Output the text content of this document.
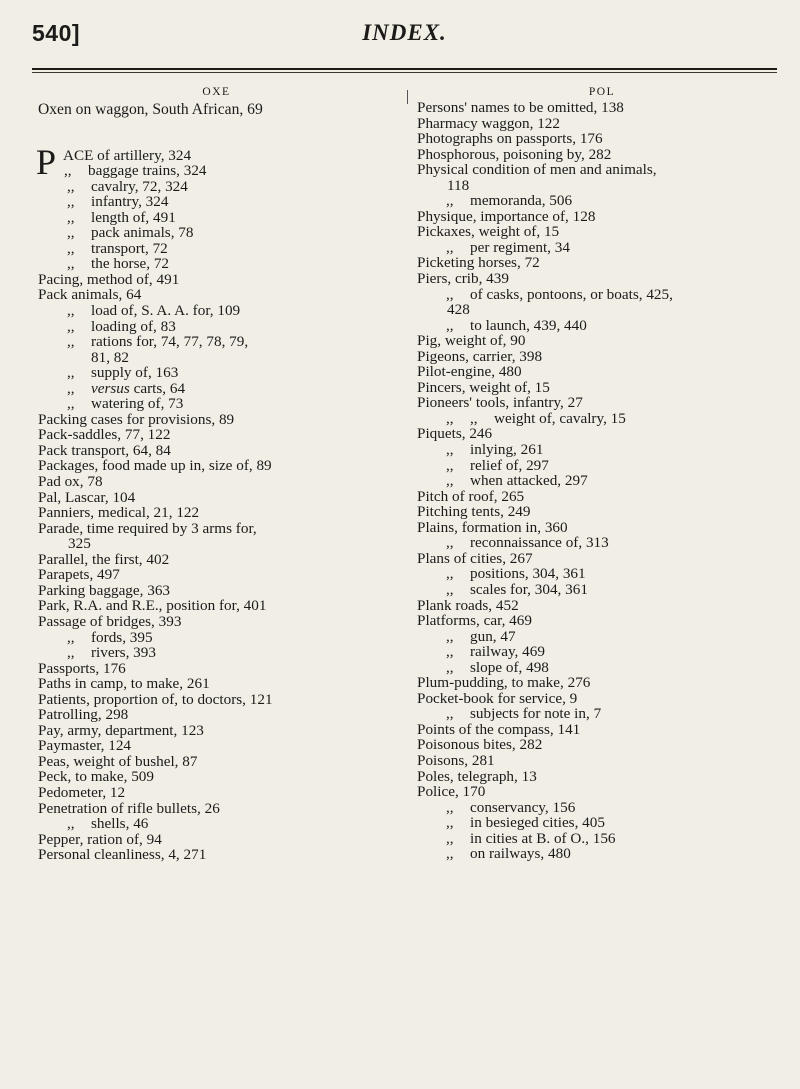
540]	INDEX.
OXE
Oxen on waggon, South African, 69
P ACE of artillery, 324
,, baggage trains, 324
,, cavalry, 72, 324
,, infantry, 324
,, length of, 491
,, pack animals, 78
,, transport, 72
,, the horse, 72
Pacing, method of, 491
Pack animals, 64
,, load of, S. A. A. for, 109
,, loading of, 83
,, rations for, 74, 77, 78, 79,
81, 82
,, supply of, 163
,, versus carts, 64
,, watering of, 73
Packing cases for provisions, 89
Pack-saddles, 77, 122
Pack transport, 64, 84
Packages, food made up in, size of, 89
Pad ox, 78
Pal, Lascar, 104
Panniers, medical, 21, 122
Parade, time required by 3 arms for,
325
Parallel, the first, 402
Parapets, 497
Parking baggage, 363
Park, R.A. and R.E., position for, 401
Passage of bridges, 393
,, fords, 395
,, rivers, 393
Passports, 176
Paths in camp, to make, 261
Patients, proportion of, to doctors, 121
Patrolling, 298
Pay, army, department, 123
Paymaster, 124
Peas, weight of bushel, 87
Peck, to make, 509
Pedometer, 12
Penetration of rifle bullets, 26
,, shells, 46
Pepper, ration of, 94
Personal cleanliness, 4, 271
POL
Persons' names to be omitted, 138
Pharmacy waggon, 122
Photographs on passports, 176
Phosphorous, poisoning by, 282
Physical condition of men and animals,
118
,, memoranda, 506
Physique, importance of, 128
Pickaxes, weight of, 15
,, per regiment, 34
Picketing horses, 72
Piers, crib, 439
,, of casks, pontoons, or boats, 425,
428
,, to launch, 439, 440
Pig, weight of, 90
Pigeons, carrier, 398
Pilot-engine, 480
Pincers, weight of, 15
Pioneers' tools, infantry, 27
,, ,, weight of, cavalry, 15
Piquets, 246
,, inlying, 261
,, relief of, 297
,, when attacked, 297
Pitch of roof, 265
Pitching tents, 249
Plains, formation in, 360
,, reconnaissance of, 313
Plans of cities, 267
,, positions, 304, 361
,, scales for, 304, 361
Plank roads, 452
Platforms, car, 469
,, gun, 47
,, railway, 469
,, slope of, 498
Plum-pudding, to make, 276
Pocket-book for service, 9
,, subjects for note in, 7
Points of the compass, 141
Poisonous bites, 282
Poisons, 281
Poles, telegraph, 13
Police, 170
,, conservancy, 156
,, in besieged cities, 405
,, in cities at B. of O., 156
,, on railways, 480
